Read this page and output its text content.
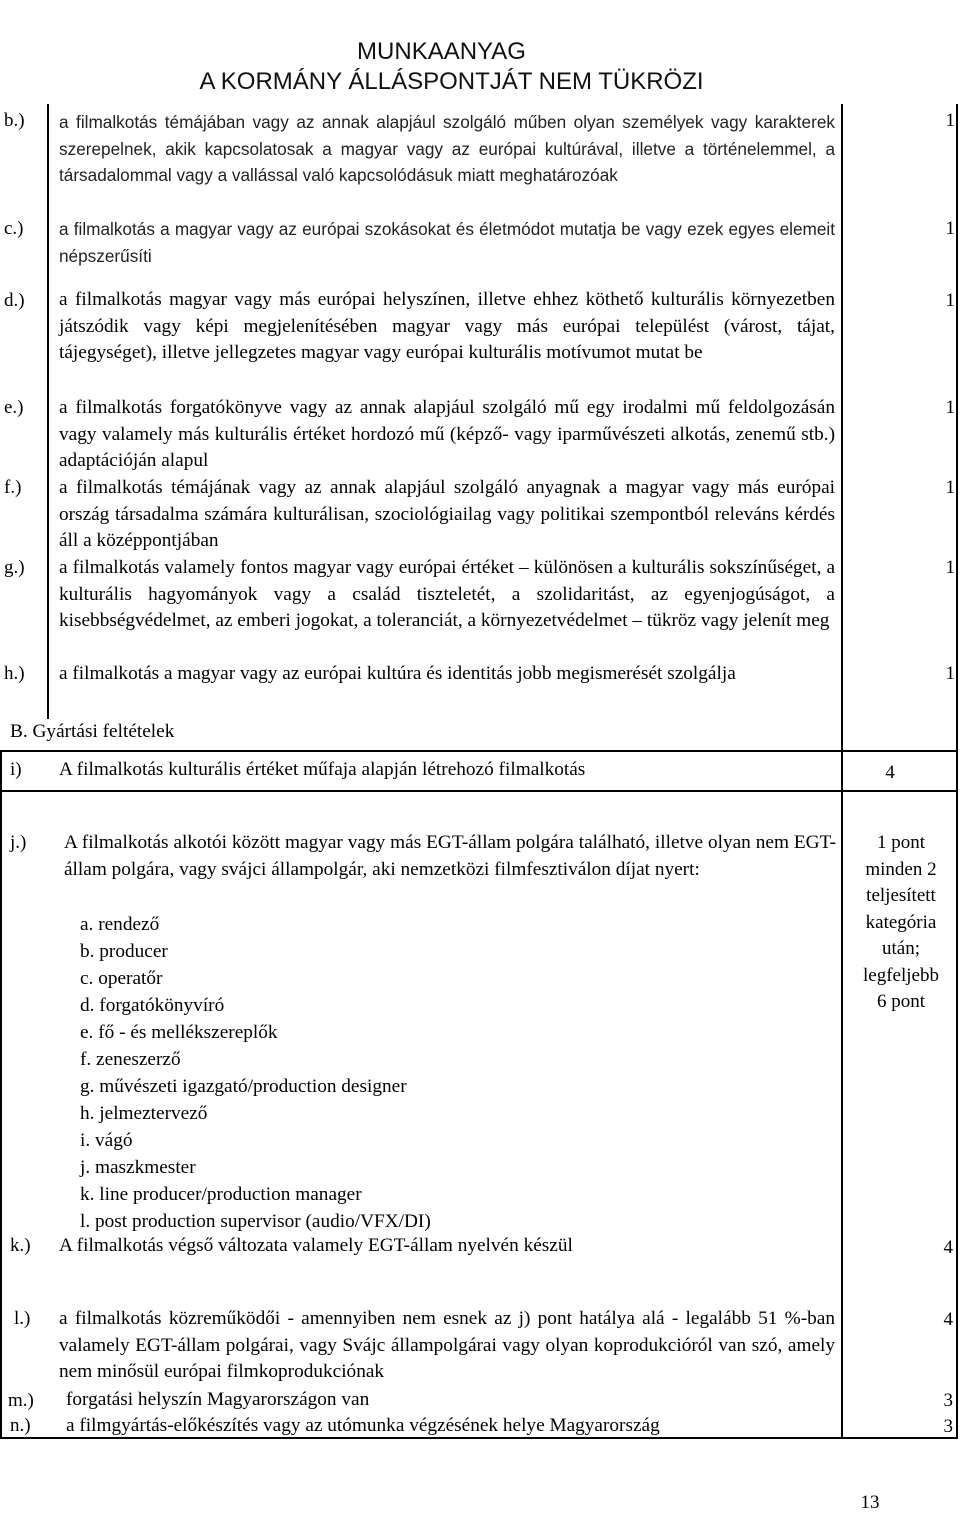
MUNKAANYAG
A KORMÁNY ÁLLÁSPONTJÁT NEM TÜKRÖZI
b.)	a filmalkotás témájában vagy az annak alapjául szolgáló műben olyan személyek vagy karakterek szerepelnek, akik kapcsolatosak a magyar vagy az európai kultúrával, illetve a történelemmel, a társadalommal vagy a vallással való kapcsolódásuk miatt meghatározóak
1
c.)	a filmalkotás a magyar vagy az európai szokásokat és életmódot mutatja be vagy ezek egyes elemeit népszerűsíti
1
d.)	a filmalkotás magyar vagy más európai helyszínen, illetve ehhez köthető kulturális környezetben játszódik vagy képi megjelenítésében magyar vagy más európai települést (várost, tájat, tájegységet), illetve jellegzetes magyar vagy európai kulturális motívumot mutat be
1
e.)	a filmalkotás forgatókönyve vagy az annak alapjául szolgáló mű egy irodalmi mű feldolgozásán vagy valamely más kulturális értéket hordozó mű (képző- vagy iparművészeti alkotás, zenemű stb.) adaptációján alapul
1
f.)	a filmalkotás témájának vagy az annak alapjául szolgáló anyagnak a magyar vagy más európai ország társadalma számára kulturálisan, szociológiailag vagy politikai szempontból releváns kérdés áll a középpontjában
1
g.)	a filmalkotás valamely fontos magyar vagy európai értéket – különösen a kulturális sokszínűséget, a kulturális hagyományok vagy a család tiszteletét, a szolidaritást, az egyenjogúságot, a kisebbségvédelmet, az emberi jogokat, a toleranciát, a környezetvédelmet – tükröz vagy jelenít meg
1
h.)	a filmalkotás a magyar vagy az európai kultúra és identitás jobb megismerését szolgálja	1
B. Gyártási feltételek
i)	A filmalkotás kulturális értéket műfaja alapján létrehozó filmalkotás	4
j.)	A filmalkotás alkotói között magyar vagy más EGT-állam polgára található, illetve olyan nem EGT-állam polgára, vagy svájci állampolgár, aki nemzetközi filmfesztiválon díjat nyert:
a. rendező
b. producer
c. operatőr
d. forgatókönyvíró
e. fő - és mellékszereplők
f. zeneszerző
g. művészeti igazgató/production designer
h. jelmeztervező
i. vágó
j. maszkmester
k. line producer/production manager
l. post production supervisor (audio/VFX/DI)
1 pont
minden 2
teljesített
kategória
után;
legfeljebb
6 pont
k.)	A filmalkotás végső változata valamely EGT-állam nyelvén készül	4
l.)	a filmalkotás közreműködői - amennyiben nem esnek az j) pont hatálya alá - legalább 51 %-ban valamely EGT-állam polgárai, vagy Svájc állampolgárai vagy olyan koprodukcióról van szó, amely nem minősül európai filmkoprodukciónak
4
m.)	forgatási helyszín Magyarországon van	3
n.)	a filmgyártás-előkészítés vagy az utómunka végzésének helye Magyarország	3
13
